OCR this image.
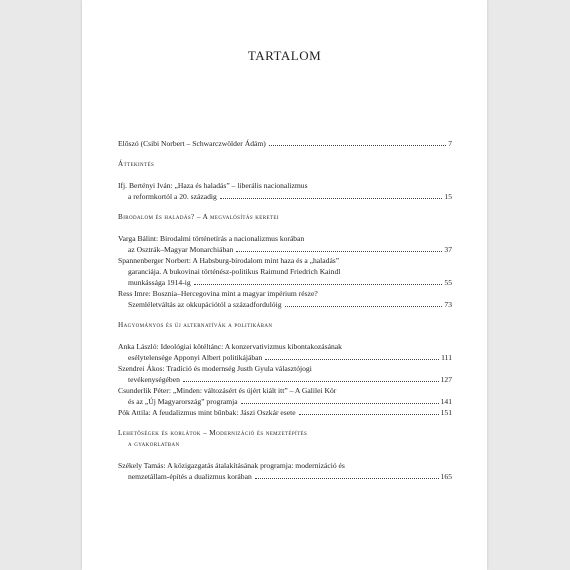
TARTALOM
Előszó (Csibi Norbert – Schwarczwölder Ádám)	7
Áttekintés
Ifj. Bertényi Iván: „Haza és haladás” – liberális nacionalizmus
a reformkortól a 20. századig	15
Birodalom és haladás? – A megvalósítás keretei
Varga Bálint: Birodalmi történetírás a nacionalizmus korában
az Osztrák–Magyar Monarchiában	37
Spannenberger Norbert: A Habsburg-birodalom mint haza és a „haladás”
garanciája. A bukovinai történész-politikus Raimund Friedrich Kaindl
munkássága 1914-ig	55
Ress Imre: Bosznia–Hercegovina mint a magyar impérium része?
Szemléletváltás az okkupációtól a századfordulóig	73
Hagyományos és új alternatívák a politikában
Anka László: Ideológiai kötéltánc: A konzervativizmus kibontakozásának
esélytelensége Apponyi Albert politikájában	111
Szendrei Ákos: Tradíció és modernség Justh Gyula választójogi
tevékenységében	127
Csunderlik Péter: „Minden: változásért és újért kiált itt” – A Galilei Kör
és az „Új Magyarország” programja	141
Pók Attila: A feudalizmus mint bűnbak: Jászi Oszkár esete	151
Lehetőségek és korlátok – Modernizáció és nemzetépítés
a gyakorlatban
Székely Tamás: A közigazgatás átalakításának programja: modernizáció és
nemzetállam-építés a dualizmus korában	165
